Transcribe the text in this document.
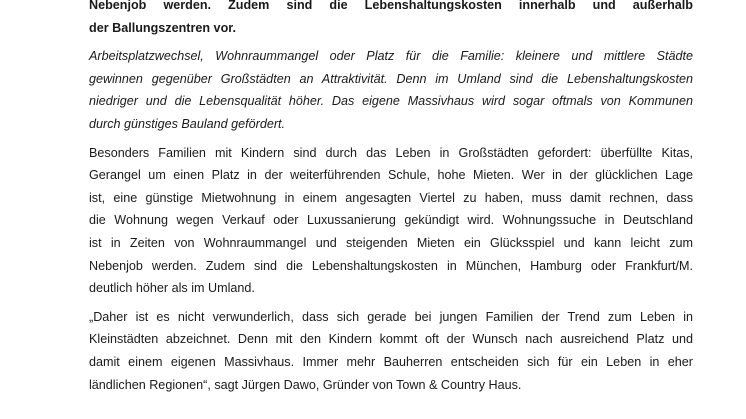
Nebenjob werden. Zudem sind die Lebenshaltungskosten innerhalb und außerhalb
der Ballungszentren vor.

Arbeitsplatzwechsel, Wohnraummangel oder Platz für die Familie: kleinere und mittlere Städte
gewinnen gegenüber Großstädten an Attraktivität. Denn im Umland sind die Lebenshaltungskosten
niedriger und die Lebensqualität höher. Das eigene Massivhaus wird sogar oftmals von Kommunen
durch günstiges Bauland gefördert.

Besonders Familien mit Kindern sind durch das Leben in Großstädten gefordert: überfüllte Kitas,
Gerangel um einen Platz in der weiterführenden Schule, hohe Mieten. Wer in der glücklichen Lage
ist, eine günstige Mietwohnung in einem angesagten Viertel zu haben, muss damit rechnen, dass
die Wohnung wegen Verkauf oder Luxussanierung gekündigt wird. Wohnungssuche in Deutschland
ist in Zeiten von Wohnraummangel und steigenden Mieten ein Glücksspiel und kann leicht zum
Nebenjob werden. Zudem sind die Lebenshaltungskosten in München, Hamburg oder Frankfurt/M.
deutlich höher als im Umland.

„Daher ist es nicht verwunderlich, dass sich gerade bei jungen Familien der Trend zum Leben in
Kleinstädten abzeichnet. Denn mit den Kindern kommt oft der Wunsch nach ausreichend Platz und
damit einem eigenen Massivhaus. Immer mehr Bauherren entscheiden sich für ein Leben in eher
ländlichen Regionen“, sagt Jürgen Dawo, Gründer von Town & Country Haus.
